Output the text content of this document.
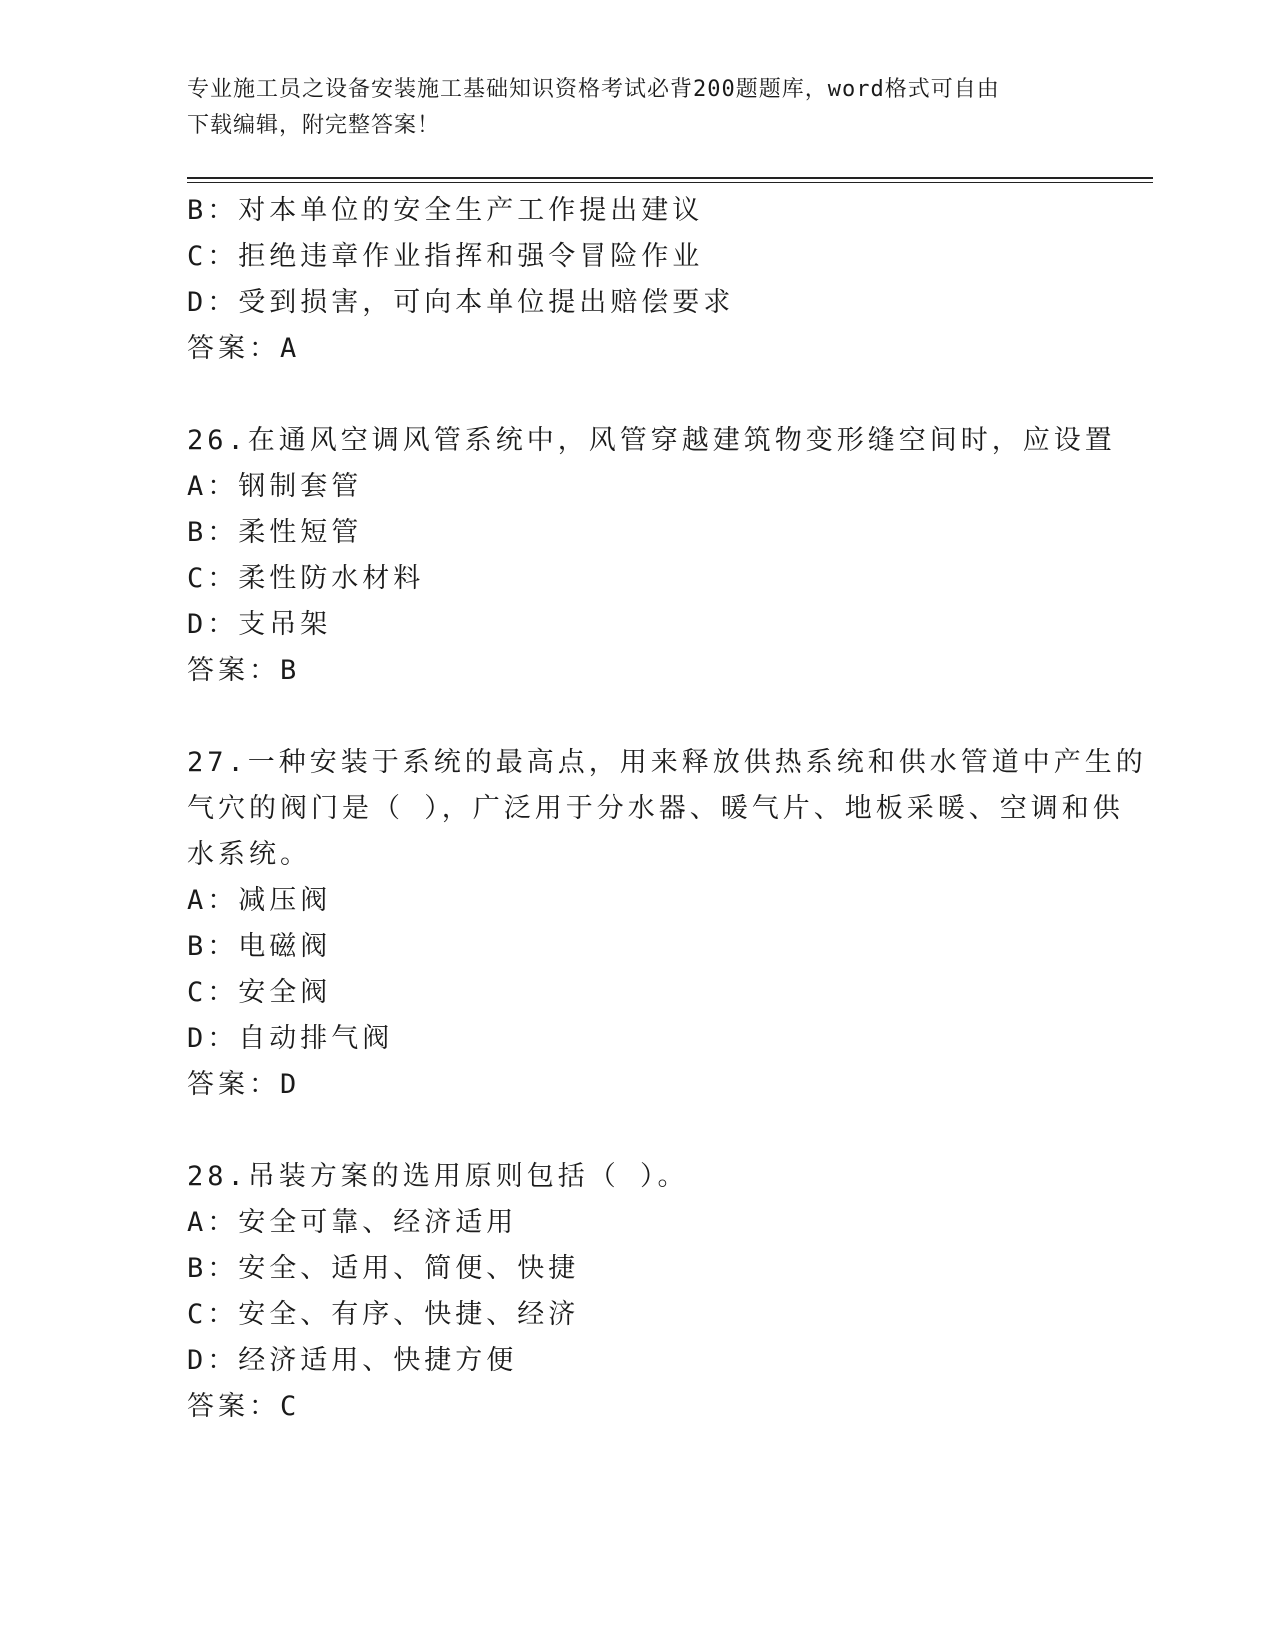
专业施工员之设备安装施工基础知识资格考试必背200题题库，word格式可自由
下载编辑，附完整答案！
B：对本单位的安全生产工作提出建议
C：拒绝违章作业指挥和强令冒险作业
D：受到损害，可向本单位提出赔偿要求
答案：A
26.在通风空调风管系统中，风管穿越建筑物变形缝空间时，应设置
A：钢制套管
B：柔性短管
C：柔性防水材料
D：支吊架
答案：B
27.一种安装于系统的最高点，用来释放供热系统和供水管道中产生的
气穴的阀门是（ ），广泛用于分水器、暖气片、地板采暖、空调和供
水系统。
A：减压阀
B：电磁阀
C：安全阀
D：自动排气阀
答案：D
28.吊装方案的选用原则包括（ ）。
A：安全可靠、经济适用
B：安全、适用、简便、快捷
C：安全、有序、快捷、经济
D：经济适用、快捷方便
答案：C
